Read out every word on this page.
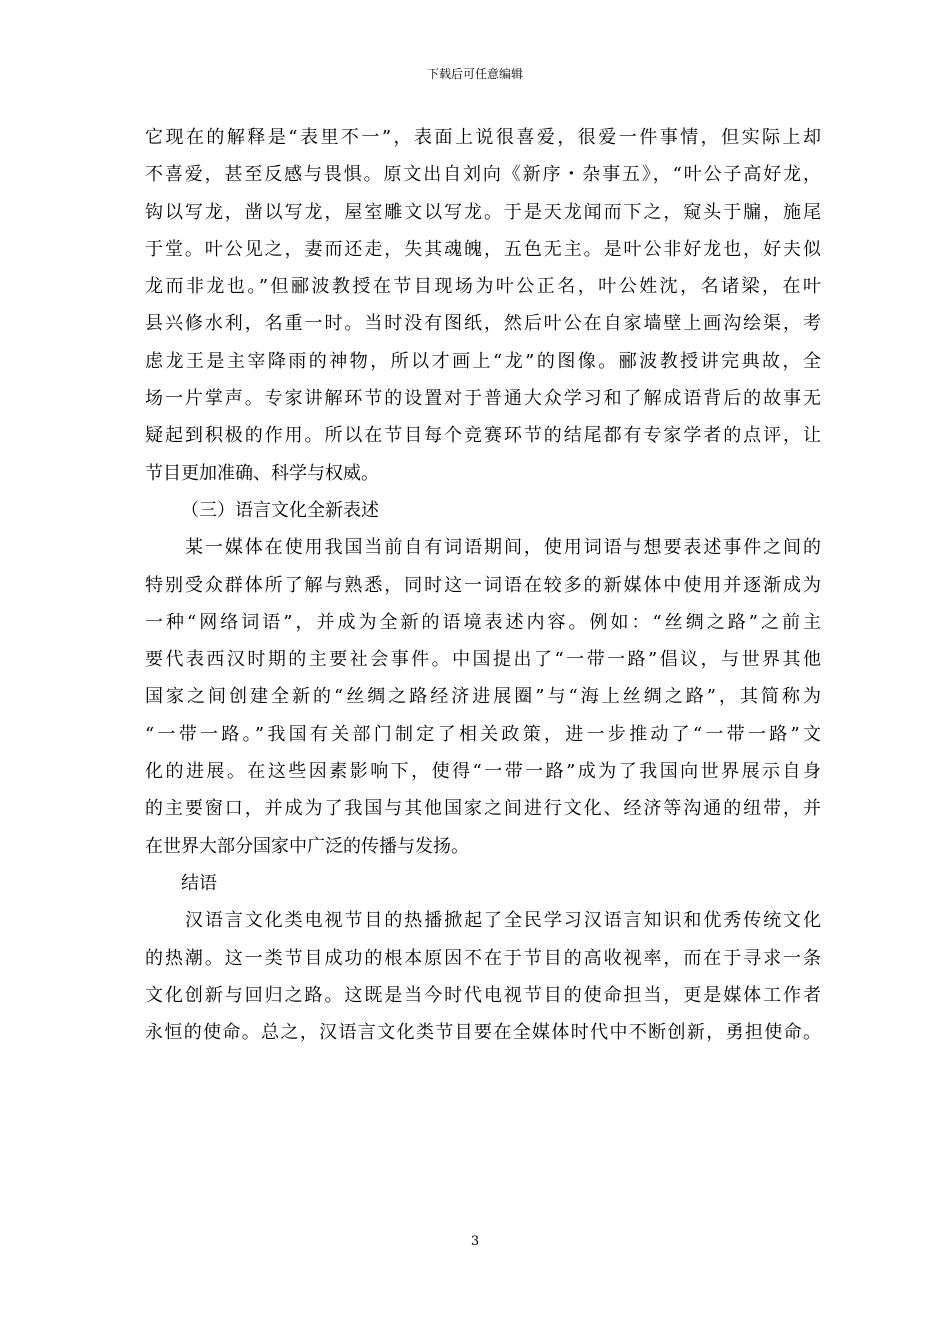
下载后可任意编辑
它现在的解释是“表里不一”，表面上说很喜爱，很爱一件事情，但实际上却
不喜爱，甚至反感与畏惧。原文出自刘向《新序・杂事五》，“叶公子高好龙，
钩以写龙，凿以写龙，屋室雕文以写龙。于是天龙闻而下之，窥头于牖，施尾
于堂。叶公见之，妻而还走，失其魂魄，五色无主。是叶公非好龙也，好夫似
龙而非龙也。”但郦波教授在节目现场为叶公正名，叶公姓沈，名诸梁，在叶
县兴修水利，名重一时。当时没有图纸，然后叶公在自家墙壁上画沟绘渠，考
虑龙王是主宰降雨的神物，所以才画上“龙”的图像。郦波教授讲完典故，全
场一片掌声。专家讲解环节的设置对于普通大众学习和了解成语背后的故事无
疑起到积极的作用。所以在节目每个竞赛环节的结尾都有专家学者的点评，让
节目更加准确、科学与权威。
（三）语言文化全新表述
某一媒体在使用我国当前自有词语期间，使用词语与想要表述事件之间的
特别受众群体所了解与熟悉，同时这一词语在较多的新媒体中使用并逐渐成为
一种“网络词语”，并成为全新的语境表述内容。例如：“丝绸之路”之前主
要代表西汉时期的主要社会事件。中国提出了“一带一路”倡议，与世界其他
国家之间创建全新的“丝绸之路经济进展圈”与“海上丝绸之路”，其简称为
“一带一路。”我国有关部门制定了相关政策，进一步推动了“一带一路”文
化的进展。在这些因素影响下，使得“一带一路”成为了我国向世界展示自身
的主要窗口，并成为了我国与其他国家之间进行文化、经济等沟通的纽带，并
在世界大部分国家中广泛的传播与发扬。
结语
汉语言文化类电视节目的热播掀起了全民学习汉语言知识和优秀传统文化
的热潮。这一类节目成功的根本原因不在于节目的高收视率，而在于寻求一条
文化创新与回归之路。这既是当今时代电视节目的使命担当，更是媒体工作者
永恒的使命。总之，汉语言文化类节目要在全媒体时代中不断创新，勇担使命。
3
